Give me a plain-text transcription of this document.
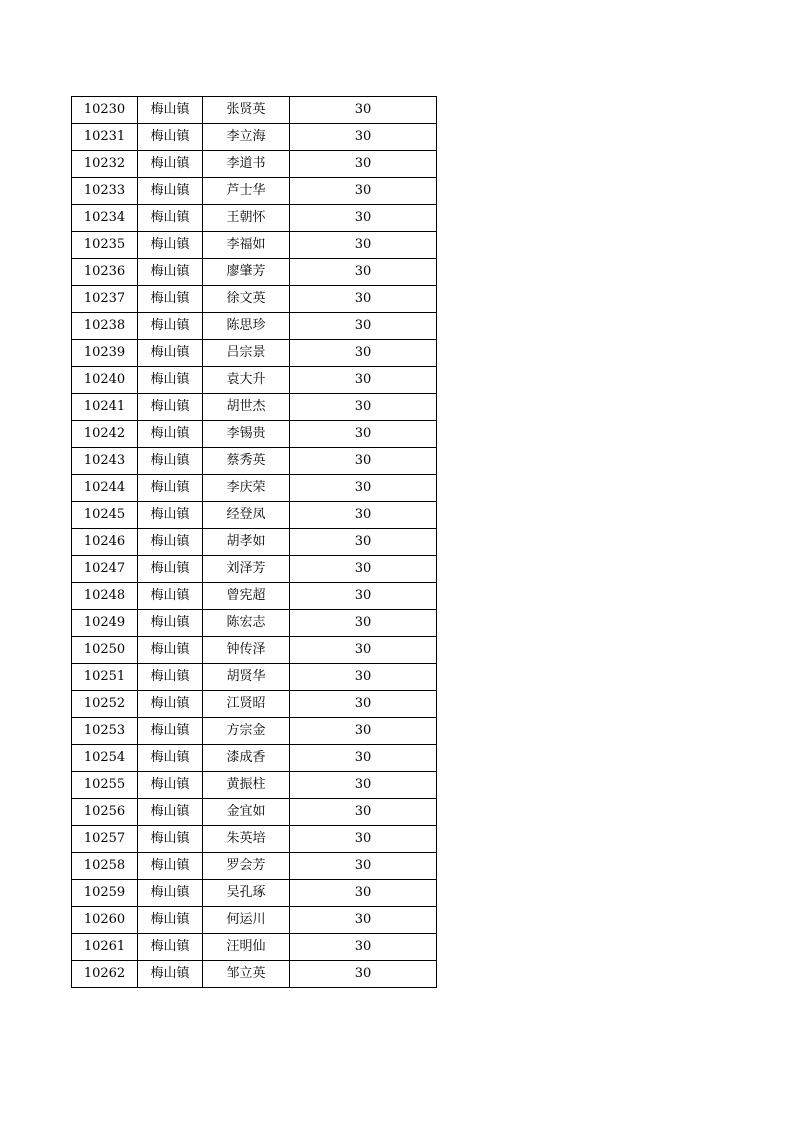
10230	梅山镇	张贤英	30
10231	梅山镇	李立海	30
10232	梅山镇	李道书	30
10233	梅山镇	芦士华	30
10234	梅山镇	王朝怀	30
10235	梅山镇	李福如	30
10236	梅山镇	廖肇芳	30
10237	梅山镇	徐文英	30
10238	梅山镇	陈思珍	30
10239	梅山镇	吕宗景	30
10240	梅山镇	袁大升	30
10241	梅山镇	胡世杰	30
10242	梅山镇	李锡贵	30
10243	梅山镇	蔡秀英	30
10244	梅山镇	李庆荣	30
10245	梅山镇	经登凤	30
10246	梅山镇	胡孝如	30
10247	梅山镇	刘泽芳	30
10248	梅山镇	曾宪超	30
10249	梅山镇	陈宏志	30
10250	梅山镇	钟传泽	30
10251	梅山镇	胡贤华	30
10252	梅山镇	江贤昭	30
10253	梅山镇	方宗金	30
10254	梅山镇	漆成香	30
10255	梅山镇	黄振柱	30
10256	梅山镇	金宜如	30
10257	梅山镇	朱英培	30
10258	梅山镇	罗会芳	30
10259	梅山镇	吴孔琢	30
10260	梅山镇	何运川	30
10261	梅山镇	汪明仙	30
10262	梅山镇	邹立英	30
